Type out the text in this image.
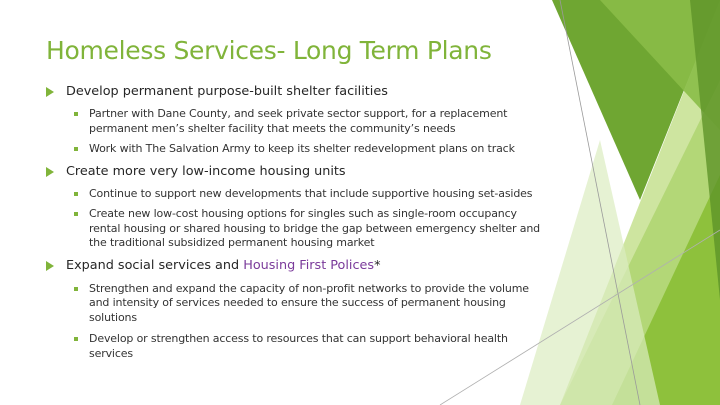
Homeless Services- Long Term Plans
Develop permanent purpose-built shelter facilities
Partner with Dane County, and seek private sector support, for a replacement
permanent men’s shelter facility that meets the community’s needs
Work with The Salvation Army to keep its shelter redevelopment plans on track
Create more very low-income housing units
Continue to support new developments that include supportive housing set-asides
Create new low-cost housing options for singles such as single-room occupancy
rental housing or shared housing to bridge the gap between emergency shelter and
the traditional subsidized permanent housing market
Expand social services and Housing First Polices*
Strengthen and expand the capacity of non-profit networks to provide the volume
and intensity of services needed to ensure the success of permanent housing
solutions
Develop or strengthen access to resources that can support behavioral health
services
